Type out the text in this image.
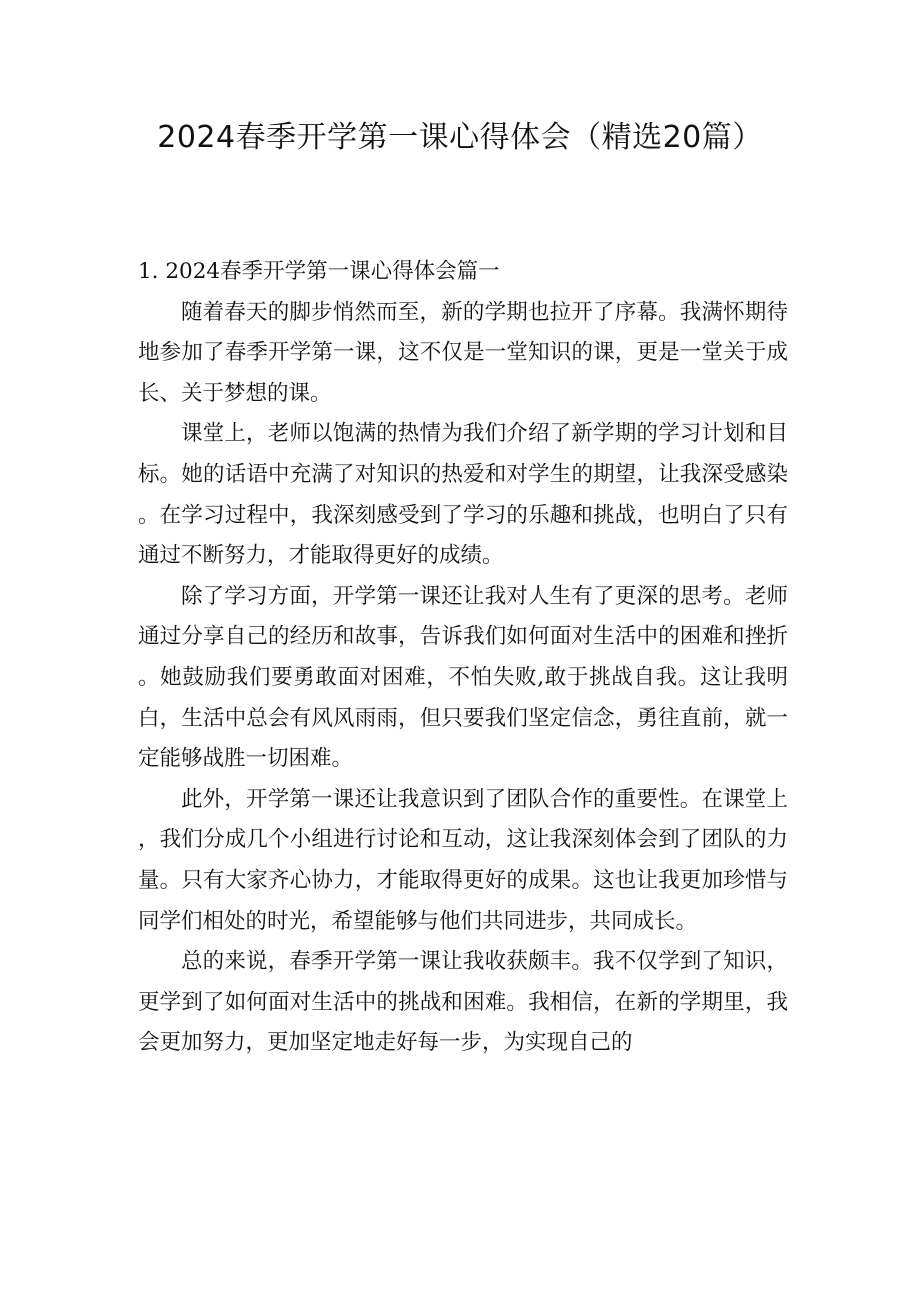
2024春季开学第一课心得体会（精选20篇）
1. 2024春季开学第一课心得体会篇一

随着春天的脚步悄然而至，新的学期也拉开了序幕。我满怀期待地参加了春季开学第一课，这不仅是一堂知识的课，更是一堂关于成长、关于梦想的课。

课堂上，老师以饱满的热情为我们介绍了新学期的学习计划和目标。她的话语中充满了对知识的热爱和对学生的期望，让我深受感染。在学习过程中，我深刻感受到了学习的乐趣和挑战，也明白了只有通过不断努力，才能取得更好的成绩。

除了学习方面，开学第一课还让我对人生有了更深的思考。老师通过分享自己的经历和故事，告诉我们如何面对生活中的困难和挫折。她鼓励我们要勇敢面对困难，不怕失败,敢于挑战自我。这让我明白，生活中总会有风风雨雨，但只要我们坚定信念，勇往直前，就一定能够战胜一切困难。

此外，开学第一课还让我意识到了团队合作的重要性。在课堂上，我们分成几个小组进行讨论和互动，这让我深刻体会到了团队的力量。只有大家齐心协力，才能取得更好的成果。这也让我更加珍惜与同学们相处的时光，希望能够与他们共同进步，共同成长。

总的来说，春季开学第一课让我收获颇丰。我不仅学到了知识，更学到了如何面对生活中的挑战和困难。我相信，在新的学期里，我会更加努力，更加坚定地走好每一步，为实现自己的
